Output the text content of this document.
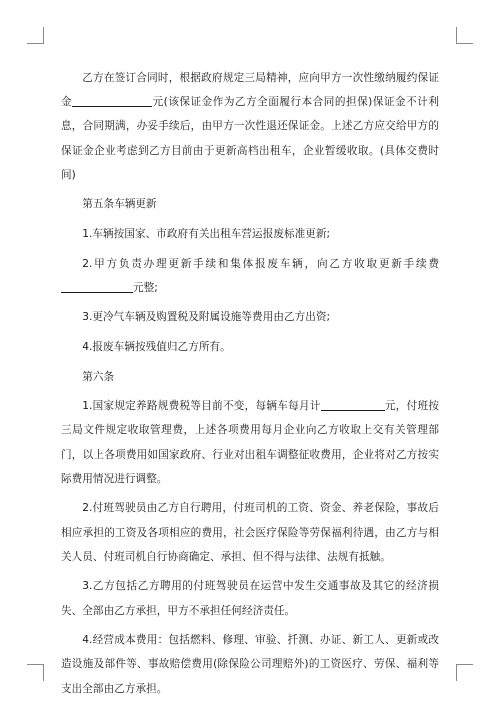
乙方在签订合同时，根据政府规定三局精神，应向甲方一次性缴纳履约保证金	元(该保证金作为乙方全面履行本合同的担保)保证金不计利息，合同期满，办妥手续后，由甲方一次性退还保证金。上述乙方应交给甲方的保证金企业考虑到乙方目前由于更新高档出租车，企业暂缓收取。(具体交费时间)

第五条车辆更新

1.车辆按国家、市政府有关出租车营运报废标准更新;

2.甲方负责办理更新手续和集体报废车辆，向乙方收取更新手续费元整;

3.更冷气车辆及购置税及附属设施等费用由乙方出资;

4.报废车辆按残值归乙方所有。

第六条

1.国家规定养路规费税等目前不变，每辆车每月计	元，付班按三局文件规定收取管理费，上述各项费用每月企业向乙方收取上交有关管理部门，以上各项费用如国家政府、行业对出租车调整征收费用，企业将对乙方按实际费用情况进行调整。

2.付班驾驶员由乙方自行聘用，付班司机的工资、资金、养老保险，事故后相应承担的工资及各项相应的费用，社会医疗保险等劳保福利待遇，由乙方与相关人员、付班司机自行协商确定、承担、但不得与法律、法规有抵触。

3.乙方包括乙方聘用的付班驾驶员在运营中发生交通事故及其它的经济损失、全部由乙方承担，甲方不承担任何经济责任。

4.经营成本费用：包括燃料、修理、审验、扦测、办证、新工人、更新或改造设施及部件等、事故赔偿费用(除保险公司理赔外)的工资医疗、劳保、福利等支出全部由乙方承担。
